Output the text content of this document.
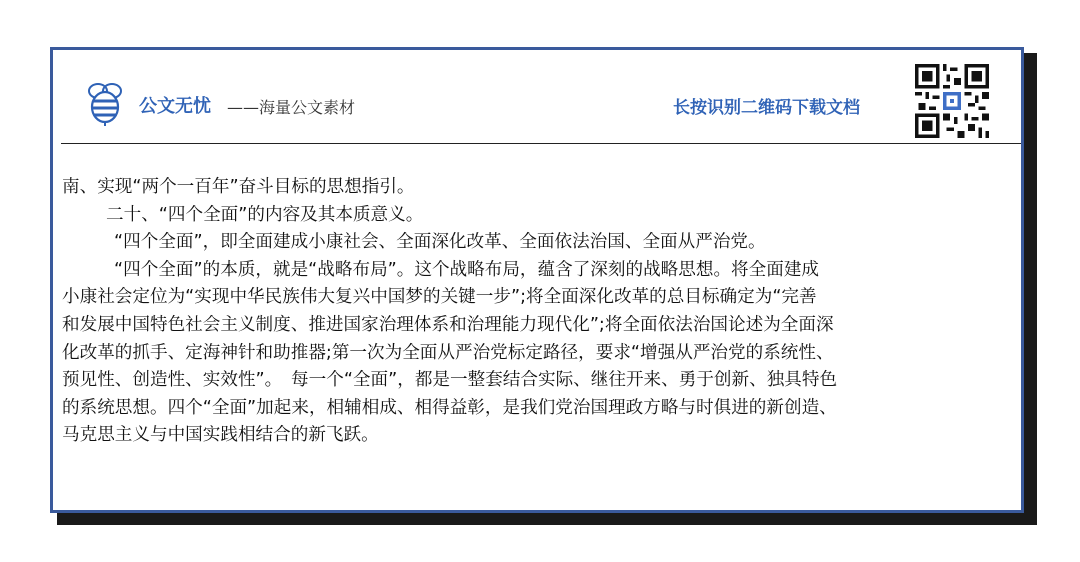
公文无忧 ——海量公文素材	长按识别二维码下载文档

南、实现“两个一百年”奋斗目标的思想指引。

二十、“四个全面”的内容及其本质意义。

“四个全面”，即全面建成小康社会、全面深化改革、全面依法治国、全面从严治党。

“四个全面”的本质，就是“战略布局”。这个战略布局，蕴含了深刻的战略思想。将全面建成

小康社会定位为“实现中华民族伟大复兴中国梦的关键一步”;将全面深化改革的总目标确定为“完善

和发展中国特色社会主义制度、推进国家治理体系和治理能力现代化”;将全面依法治国论述为全面深

化改革的抓手、定海神针和助推器;第一次为全面从严治党标定路径，要求“增强从严治党的系统性、

预见性、创造性、实效性”。　每一个“全面”，都是一整套结合实际、继往开来、勇于创新、独具特色

的系统思想。四个“全面”加起来，相辅相成、相得益彰，是我们党治国理政方略与时俱进的新创造、

马克思主义与中国实践相结合的新飞跃。
